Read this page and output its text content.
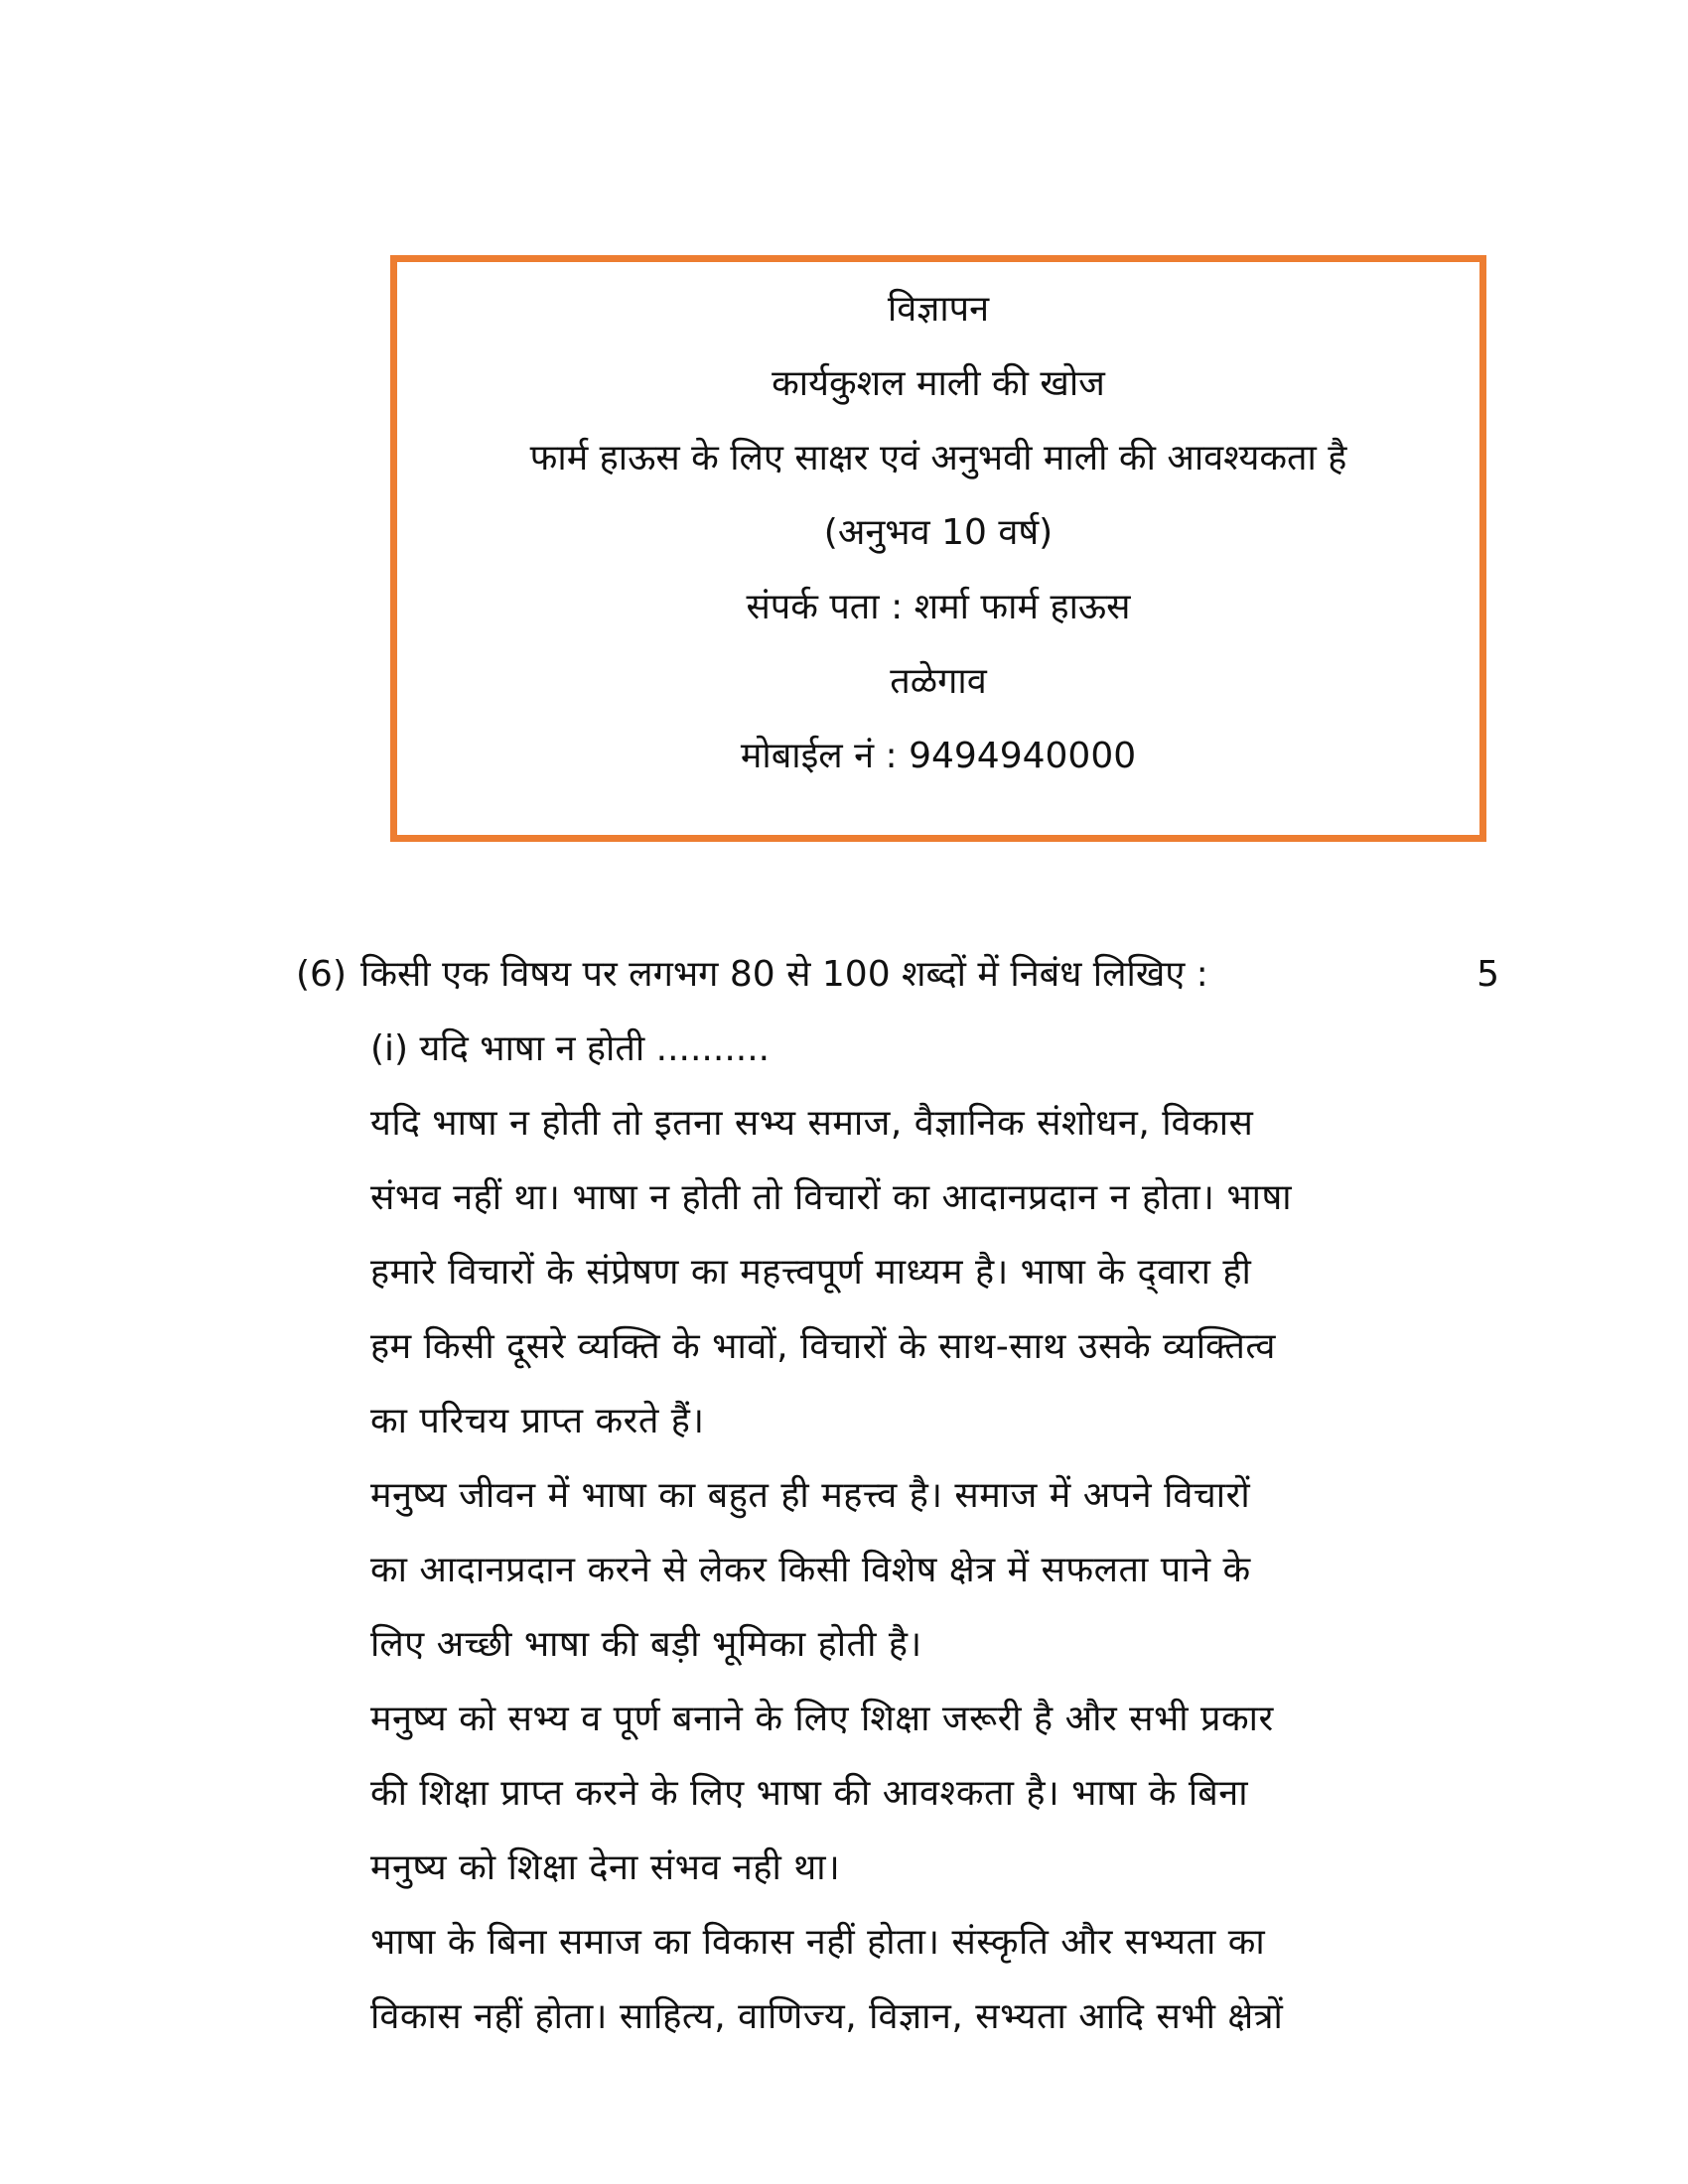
विज्ञापन
कार्यकुशल माली की खोज
फार्म हाऊस के लिए साक्षर एवं अनुभवी माली की आवश्यकता है
(अनुभव 10 वर्ष)
संपर्क पता : शर्मा फार्म हाऊस
तळेगाव
मोबाईल नं : 9494940000
(6) किसी एक विषय पर लगभग 80 से 100 शब्दों में निबंध लिखिए :	5
(i) यदि भाषा न होती ..........
यदि भाषा न होती तो इतना सभ्य समाज, वैज्ञानिक संशोधन, विकास
संभव नहीं था। भाषा न होती तो विचारों का आदानप्रदान न होता। भाषा
हमारे विचारों के संप्रेषण का महत्त्वपूर्ण माध्यम है। भाषा के द्‌वारा ही
हम किसी दूसरे व्यक्ति के भावों, विचारों के साथ-साथ उसके व्यक्तित्व
का परिचय प्राप्त करते हैं।
मनुष्य जीवन में भाषा का बहुत ही महत्त्व है। समाज में अपने विचारों
का आदानप्रदान करने से लेकर किसी विशेष क्षेत्र में सफलता पाने के
लिए अच्छी भाषा की बड़ी भूमिका होती है।
मनुष्य को सभ्य व पूर्ण बनाने के लिए शिक्षा जरूरी है और सभी प्रकार
की शिक्षा प्राप्त करने के लिए भाषा की आवश्कता है। भाषा के बिना
मनुष्य को शिक्षा देना संभव नही था।
भाषा के बिना समाज का विकास नहीं होता। संस्कृति और सभ्यता का
विकास नहीं होता। साहित्य, वाणिज्य, विज्ञान, सभ्यता आदि सभी क्षेत्रों
